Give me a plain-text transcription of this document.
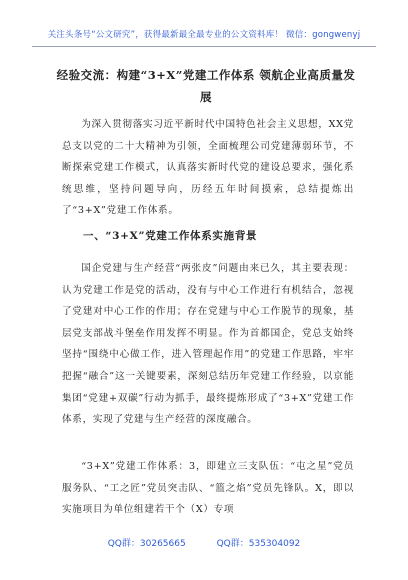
关注头条号“公文研究”，获得最新最全最专业的公文资料库！ 微信：gongwenyj
经验交流：构建“3+X”党建工作体系 领航企业高质量发展

为深入贯彻落实习近平新时代中国特色社会主义思想，XX党总支以党的二十大精神为引领，全面梳理公司党建薄弱环节，不断探索党建工作模式，认真落实新时代党的建设总要求，强化系统思维，坚持问题导向，历经五年时间摸索，总结提炼出了“3+X”党建工作体系。

一、“3+X”党建工作体系实施背景

国企党建与生产经营“两张皮”问题由来已久，其主要表现：认为党建工作是党的活动，没有与中心工作进行有机结合，忽视了党建对中心工作的作用；存在党建与中心工作脱节的现象，基层党支部战斗堡垒作用发挥不明显。作为首都国企，党总支始终坚持“围绕中心做工作，进入管理起作用”的党建工作思路，牢牢把握“融合”这一关键要素，深刻总结历年党建工作经验，以京能集团“党建+双碳”行动为抓手，最终提炼形成了“3+X”党建工作体系，实现了党建与生产经营的深度融合。

“3+X”党建工作体系：3，即建立三支队伍：“屯之星”党员服务队、“工之匠”党员突击队、“篮之焰”党员先锋队。X，即以实施项目为单位组建若干个（X）专项

QQ群：30265665	QQ群：535304092
